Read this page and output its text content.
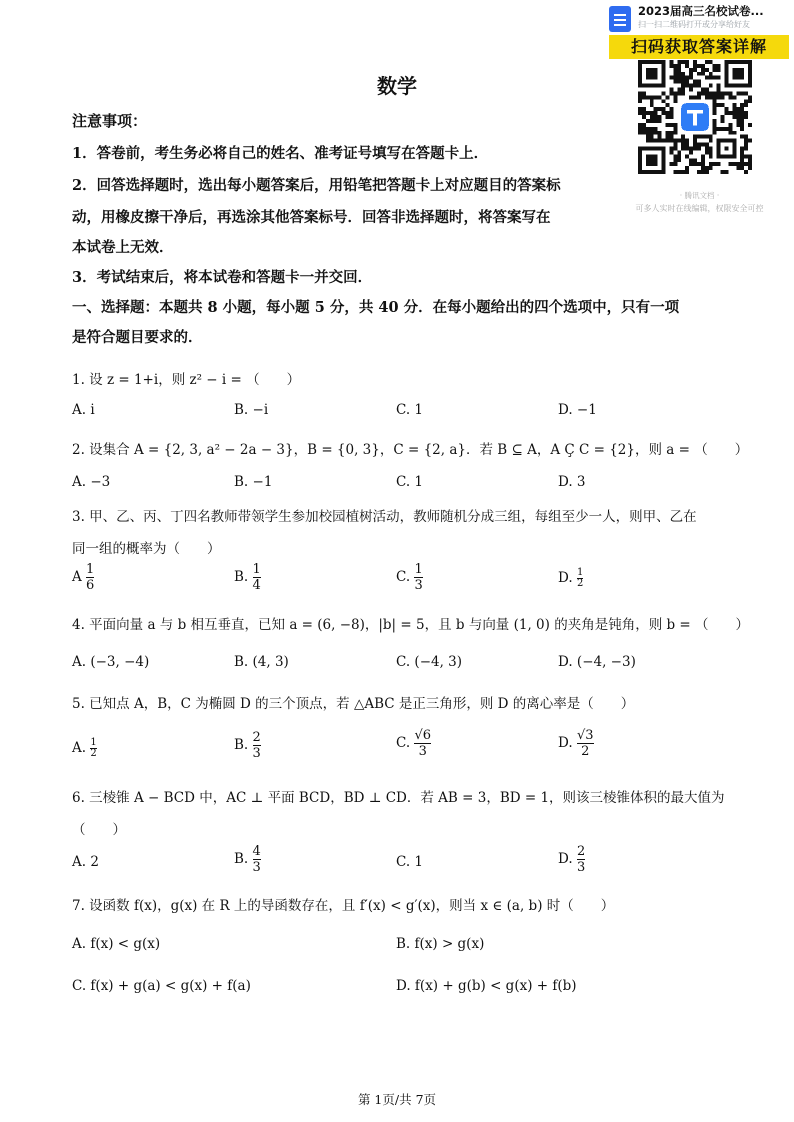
数学
注意事项：
1．答卷前，考生务必将自己的姓名、准考证号填写在答题卡上．
2．回答选择题时，选出每小题答案后，用铅笔把答题卡上对应题目的答案标
动，用橡皮擦干净后，再选涂其他答案标号．回答非选择题时，将答案写在
本试卷上无效．
3．考试结束后，将本试卷和答题卡一并交回．
一、选择题：本题共 8 小题，每小题 5 分，共 40 分．在每小题给出的四个选项中，只有一项
是符合题目要求的．
1. 设 z = 1+i，则 z² − i = （　　）
A. i	B. −i	C. 1	D. −1
2. 设集合 A = {2, 3, a² − 2a − 3}，B = {0, 3}，C = {2, a}．若 B ⊆ A，A Ç C = {2}，则 a = （　　）
A. −3	B. −1	C. 1	D. 3
3. 甲、乙、丙、丁四名教师带领学生参加校园植树活动，教师随机分成三组，每组至少一人，则甲、乙在
同一组的概率为（　　）
A $\frac{1}{6}$	B. $\frac{1}{4}$	C. $\frac{1}{3}$	D. $\frac{1}{2}$
4. 平面向量 a 与 b 相互垂直，已知 a = (6, −8)，|b| = 5，且 b 与向量 (1, 0) 的夹角是钝角，则 b = （　　）
A. (−3, −4)	B. (4, 3)	C. (−4, 3)	D. (−4, −3)
5. 已知点 A，B，C 为椭圆 D 的三个顶点，若 △ABC 是正三角形，则 D 的离心率是（　　）
A. $\frac{1}{2}$	B. $\frac{2}{3}$	C. $\frac{√6}{3}$	D. $\frac{√3}{2}$
6. 三棱锥 A − BCD 中，AC ⊥ 平面 BCD，BD ⊥ CD．若 AB = 3，BD = 1，则该三棱锥体积的最大值为
（　　）
A. 2	B. $\frac{4}{3}$	C. 1	D. $\frac{2}{3}$
7. 设函数 f(x)，g(x) 在 R 上的导函数存在，且 f′(x) < g′(x)，则当 x ∈ (a, b) 时（　　）
A. f(x) < g(x)	B. f(x) > g(x)
C. f(x) + g(a) < g(x) + f(a)	D. f(x) + g(b) < g(x) + f(b)
2023届高三名校试卷...
扫一扫二维码打开或分享给好友
扫码获取答案详解
· 腾讯文档 ·
可多人实时在线编辑，权限安全可控
第 1页/共 7页
